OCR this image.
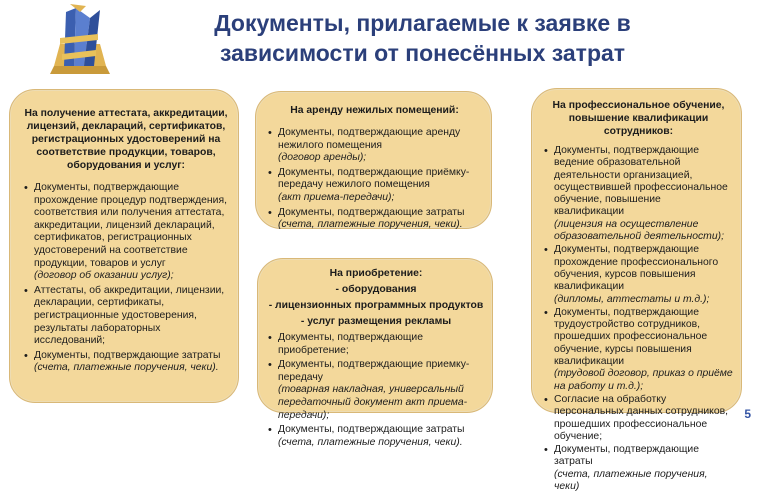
Документы, прилагаемые к заявке в
зависимости от понесённых затрат

На получение аттестата, аккредитации, лицензий, деклараций, сертификатов, регистрационных удостоверений на соответствие продукции, товаров, оборудования и услуг:

• Документы, подтверждающие прохождение процедур подтверждения, соответствия или получения аттестата, аккредитации, лицензий деклараций, сертификатов, регистрационных удостоверений на соответствие продукции, товаров и услуг
(договор об оказании услуг);
• Аттестаты, об аккредитации, лицензии, декларации, сертификаты, регистрационные удостоверения, результаты лабораторных исследований;
• Документы, подтверждающие затраты
(счета, платежные поручения, чеки).

На аренду нежилых помещений:

• Документы, подтверждающие аренду нежилого помещения
(договор аренды);
• Документы, подтверждающие приёмку-передачу нежилого помещения
(акт приема-передачи);
• Документы, подтверждающие затраты
(счета, платежные поручения, чеки).
На приобретение:
- оборудования
- лицензионных программных продуктов
- услуг размещения рекламы
• Документы, подтверждающие приобретение;
• Документы, подтверждающие приемку-передачу
(товарная накладная, универсальный передаточный документ акт приема-передачи);
• Документы, подтверждающие затраты
(счета, платежные поручения, чеки).

На профессиональное обучение, повышение квалификации сотрудников:

• Документы, подтверждающие ведение образовательной деятельности организацией, осуществившей профессиональное обучение, повышение квалификации
(лицензия на осуществление образовательной деятельности);
• Документы, подтверждающие прохождение профессионального обучения, курсов повышения квалификации
(дипломы, аттестаты и т.д.);
• Документы, подтверждающие трудоустройство сотрудников, прошедших профессиональное обучение, курсы повышения квалификации
(трудовой договор, приказ о приёме на работу и т.д.);
• Согласие на обработку персональных данных сотрудников, прошедших профессиональное обучение;
• Документы, подтверждающие затраты
(счета, платежные поручения, чеки)
5
